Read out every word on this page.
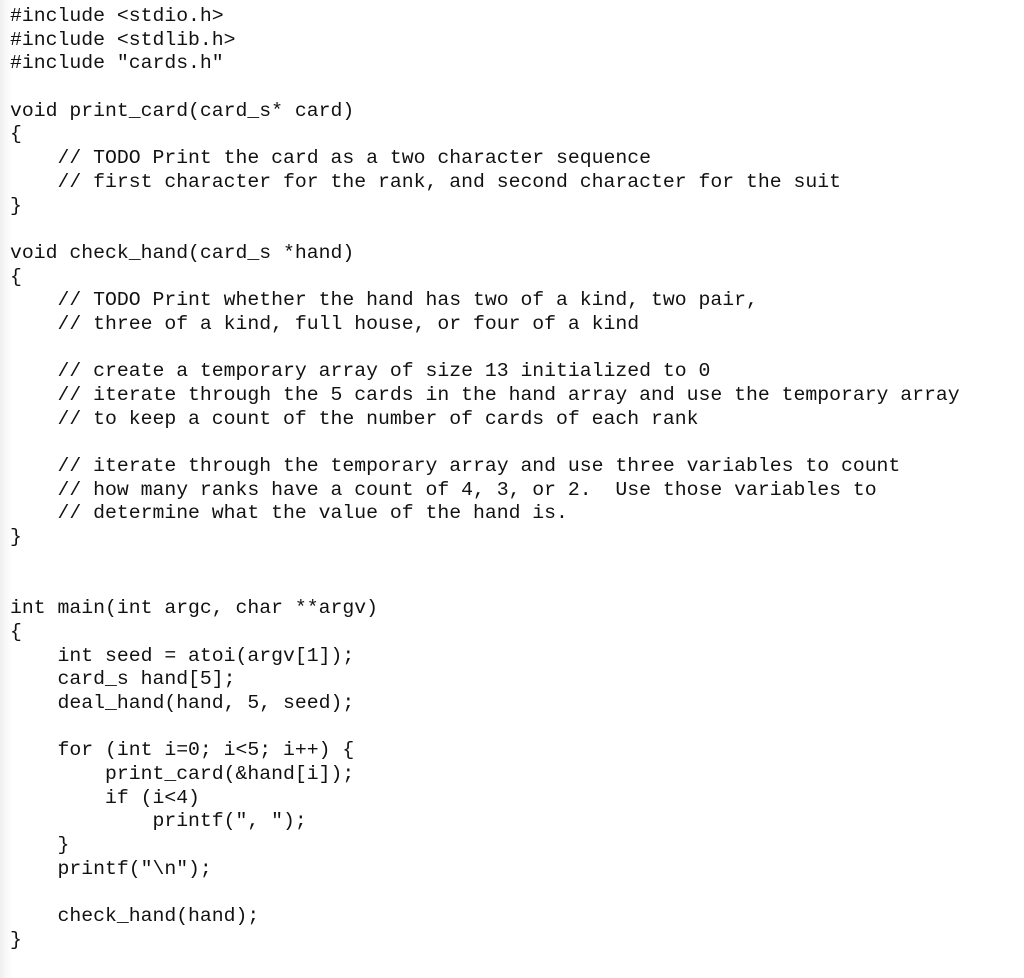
#include <stdio.h>
#include <stdlib.h>
#include "cards.h"
void print_card(card_s* card)
{
// TODO Print the card as a two character sequence
// first character for the rank, and second character for the suit
}
void check_hand(card_s *hand)
{
// TODO Print whether the hand has two of a kind, two pair,
// three of a kind, full house, or four of a kind
// create a temporary array of size 13 initialized to 0
// iterate through the 5 cards in the hand array and use the temporary array
// to keep a count of the number of cards of each rank
// iterate through the temporary array and use three variables to count
// how many ranks have a count of 4, 3, or 2.  Use those variables to
// determine what the value of the hand is.
}
int main(int argc, char **argv)
{
int seed = atoi(argv[1]);
card_s hand[5];
deal_hand(hand, 5, seed);
for (int i=0; i<5; i++) {
print_card(&hand[i]);
if (i<4)
printf(", ");
}
printf("\n");
check_hand(hand);
}
